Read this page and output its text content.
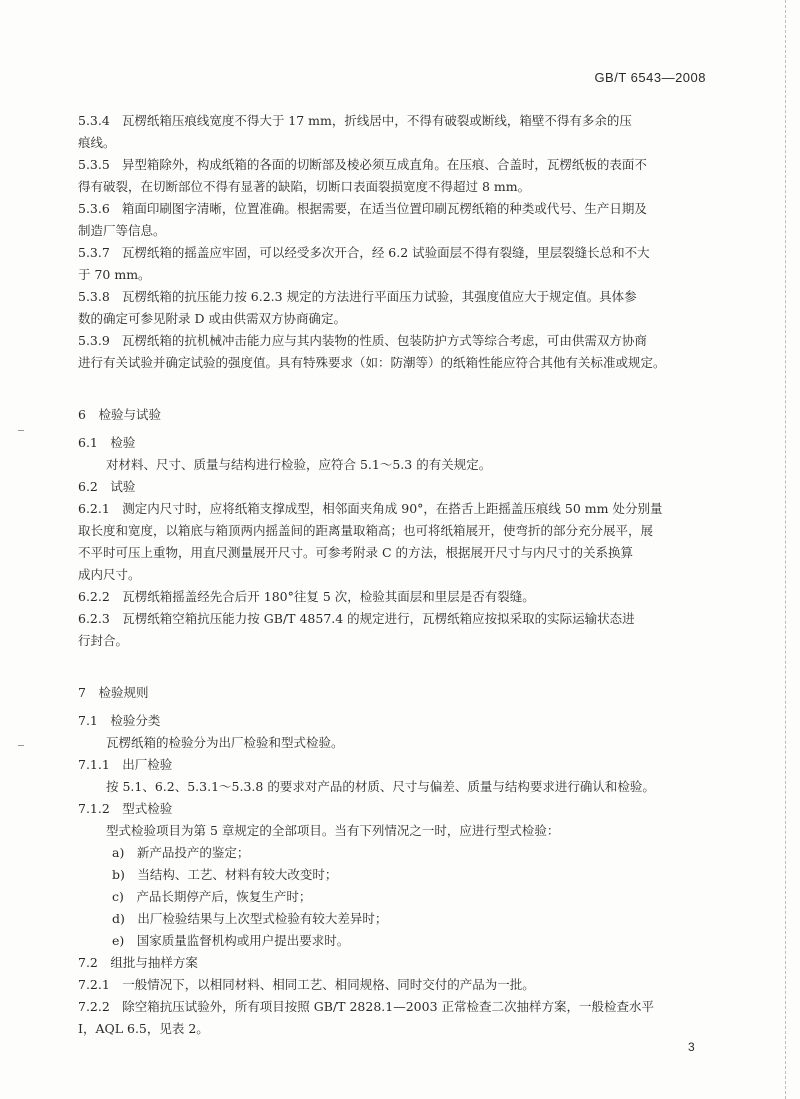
GB/T 6543—2008
5.3.4 瓦楞纸箱压痕线宽度不得大于 17 mm，折线居中，不得有破裂或断线，箱壁不得有多余的压
痕线。
5.3.5 异型箱除外，构成纸箱的各面的切断部及棱必须互成直角。在压痕、合盖时，瓦楞纸板的表面不
得有破裂，在切断部位不得有显著的缺陷，切断口表面裂损宽度不得超过 8 mm。
5.3.6 箱面印刷图字清晰，位置准确。根据需要，在适当位置印刷瓦楞纸箱的种类或代号、生产日期及
制造厂等信息。
5.3.7 瓦楞纸箱的摇盖应牢固，可以经受多次开合，经 6.2 试验面层不得有裂缝，里层裂缝长总和不大
于 70 mm。
5.3.8 瓦楞纸箱的抗压能力按 6.2.3 规定的方法进行平面压力试验，其强度值应大于规定值。具体参
数的确定可参见附录 D 或由供需双方协商确定。
5.3.9 瓦楞纸箱的抗机械冲击能力应与其内装物的性质、包装防护方式等综合考虑，可由供需双方协商
进行有关试验并确定试验的强度值。具有特殊要求（如：防潮等）的纸箱性能应符合其他有关标准或规定。
6　检验与试验
6.1　检验
对材料、尺寸、质量与结构进行检验，应符合 5.1～5.3 的有关规定。
6.2　试验
6.2.1　测定内尺寸时，应将纸箱支撑成型，相邻面夹角成 90°，在搭舌上距摇盖压痕线 50 mm 处分别量
取长度和宽度，以箱底与箱顶两内摇盖间的距离量取箱高；也可将纸箱展开，使弯折的部分充分展平，展
不平时可压上重物，用直尺测量展开尺寸。可参考附录 C 的方法，根据展开尺寸与内尺寸的关系换算
成内尺寸。
6.2.2　瓦楞纸箱摇盖经先合后开 180°往复 5 次，检验其面层和里层是否有裂缝。
6.2.3　瓦楞纸箱空箱抗压能力按 GB/T 4857.4 的规定进行，瓦楞纸箱应按拟采取的实际运输状态进
行封合。
7　检验规则
7.1　检验分类
瓦楞纸箱的检验分为出厂检验和型式检验。
7.1.1　出厂检验
按 5.1、6.2、5.3.1～5.3.8 的要求对产品的材质、尺寸与偏差、质量与结构要求进行确认和检验。
7.1.2　型式检验
型式检验项目为第 5 章规定的全部项目。当有下列情况之一时，应进行型式检验：
a)　新产品投产的鉴定；
b)　当结构、工艺、材料有较大改变时；
c)　产品长期停产后，恢复生产时；
d)　出厂检验结果与上次型式检验有较大差异时；
e)　国家质量监督机构或用户提出要求时。
7.2　组批与抽样方案
7.2.1　一般情况下，以相同材料、相同工艺、相同规格、同时交付的产品为一批。
7.2.2　除空箱抗压试验外，所有项目按照 GB/T 2828.1—2003 正常检查二次抽样方案，一般检查水平
Ⅰ，AQL 6.5，见表 2。
3
